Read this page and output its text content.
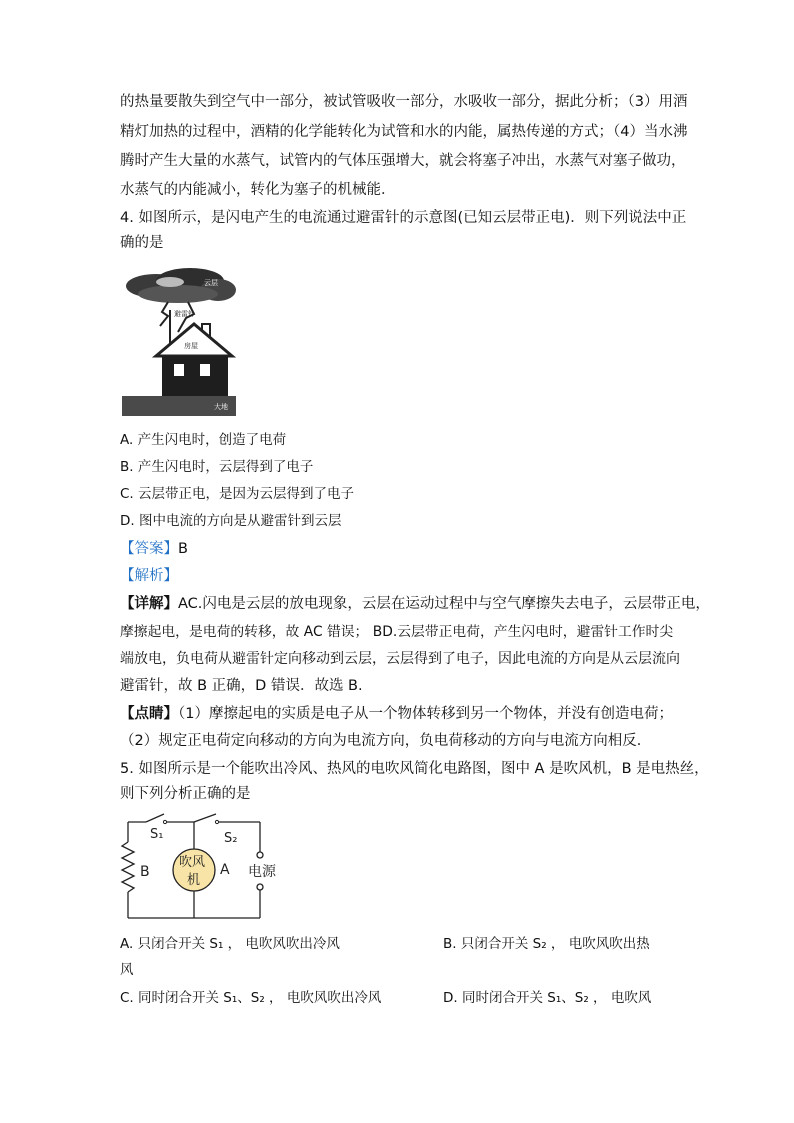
的热量要散失到空气中一部分，被试管吸收一部分，水吸收一部分，据此分析；（3）用酒
精灯加热的过程中，酒精的化学能转化为试管和水的内能，属热传递的方式；（4）当水沸
腾时产生大量的水蒸气，试管内的气体压强增大，就会将塞子冲出，水蒸气对塞子做功，
水蒸气的内能减小，转化为塞子的机械能．
4. 如图所示，是闪电产生的电流通过避雷针的示意图(已知云层带正电)．则下列说法中正
确的是
云层
避雷针
房屋
大地
A. 产生闪电时，创造了电荷
B. 产生闪电时，云层得到了电子
C. 云层带正电，是因为云层得到了电子
D. 图中电流的方向是从避雷针到云层
【答案】B
【解析】
【详解】AC.闪电是云层的放电现象，云层在运动过程中与空气摩擦失去电子，云层带正电，
摩擦起电，是电荷的转移，故 AC 错误； BD.云层带正电荷，产生闪电时，避雷针工作时尖
端放电，负电荷从避雷针定向移动到云层，云层得到了电子，因此电流的方向是从云层流向
避雷针，故 B 正确，D 错误．故选 B.
【点睛】（1）摩擦起电的实质是电子从一个物体转移到另一个物体，并没有创造电荷；
（2）规定正电荷定向移动的方向为电流方向，负电荷移动的方向与电流方向相反．
5. 如图所示是一个能吹出冷风、热风的电吹风简化电路图，图中 A 是吹风机，B 是电热丝，
则下列分析正确的是
S₁	S₂
B
吹风
机
A 电源
A. 只闭合开关 S₁ ， 电吹风吹出冷风	B. 只闭合开关 S₂ ， 电吹风吹出热
风
C. 同时闭合开关 S₁、S₂ ， 电吹风吹出冷风	D. 同时闭合开关 S₁、S₂ ， 电吹风
